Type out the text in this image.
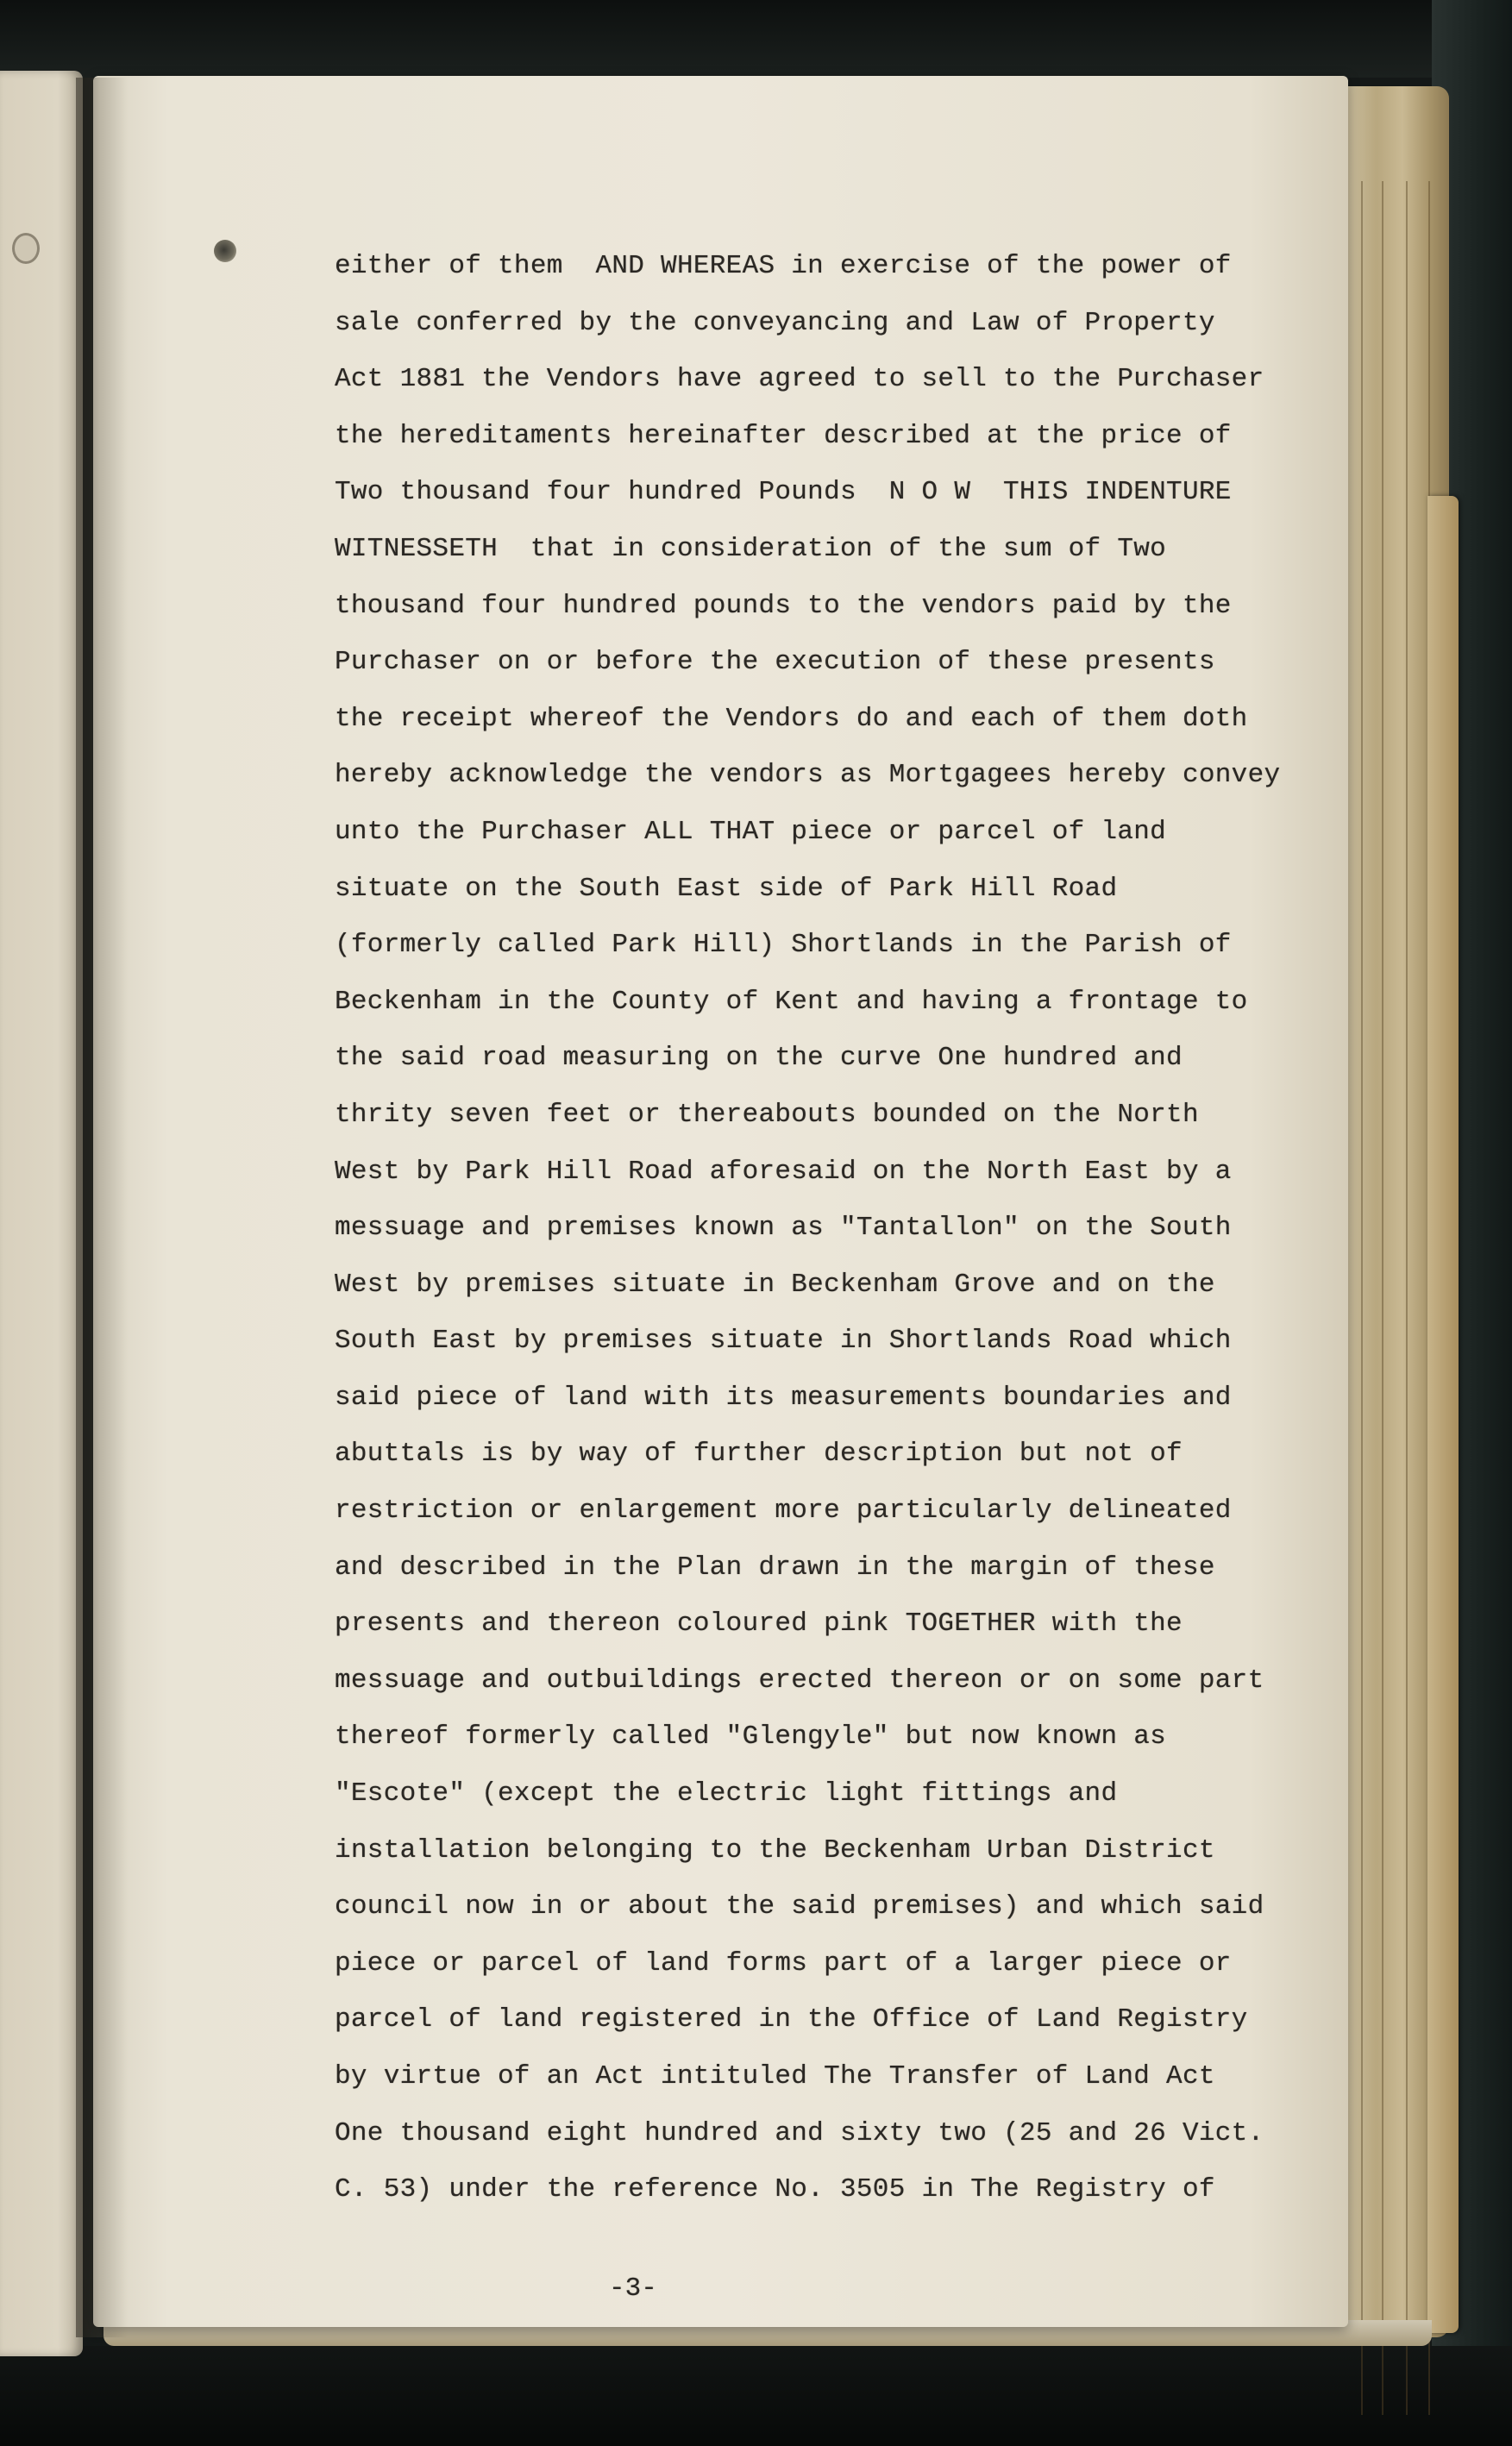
either of them  AND WHEREAS in exercise of the power of
sale conferred by the conveyancing and Law of Property
Act 1881 the Vendors have agreed to sell to the Purchaser
the hereditaments hereinafter described at the price of
Two thousand four hundred Pounds  N O W  THIS INDENTURE
WITNESSETH  that in consideration of the sum of Two
thousand four hundred pounds to the vendors paid by the
Purchaser on or before the execution of these presents
the receipt whereof the Vendors do and each of them doth
hereby acknowledge the vendors as Mortgagees hereby convey
unto the Purchaser ALL THAT piece or parcel of land
situate on the South East side of Park Hill Road
(formerly called Park Hill) Shortlands in the Parish of
Beckenham in the County of Kent and having a frontage to
the said road measuring on the curve One hundred and
thrity seven feet or thereabouts bounded on the North
West by Park Hill Road aforesaid on the North East by a
messuage and premises known as "Tantallon" on the South
West by premises situate in Beckenham Grove and on the
South East by premises situate in Shortlands Road which
said piece of land with its measurements boundaries and
abuttals is by way of further description but not of
restriction or enlargement more particularly delineated
and described in the Plan drawn in the margin of these
presents and thereon coloured pink TOGETHER with the
messuage and outbuildings erected thereon or on some part
thereof formerly called "Glengyle" but now known as
"Escote" (except the electric light fittings and
installation belonging to the Beckenham Urban District
council now in or about the said premises) and which said
piece or parcel of land forms part of a larger piece or
parcel of land registered in the Office of Land Registry
by virtue of an Act intituled The Transfer of Land Act
One thousand eight hundred and sixty two (25 and 26 Vict.
C. 53) under the reference No. 3505 in The Registry of
-3-
